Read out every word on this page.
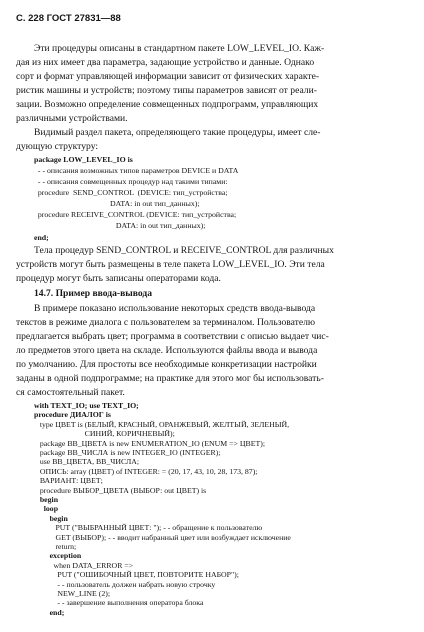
С. 228 ГОСТ 27831—88
Эти процедуры описаны в стандартном пакете LOW_LEVEL_IO. Каж-
дая из них имеет два параметра, задающие устройство и данные. Однако
сорт и формат управляющей информации зависит от физических характе-
ристик машины и устройств; поэтому типы параметров зависят от реали-
зации. Возможно определение совмещенных подпрограмм, управляющих
различными устройствами.
Видимый раздел пакета, определяющего такие процедуры, имеет сле-
дующую структуру:
package LOW_LEVEL_IO is
- - описания возможных типов параметров DEVICE и DATA
- - описания совмещенных процедур над такими типами:
procedure  SEND_CONTROL  (DEVICE: тип_устройства;
DATA: in out тип_данных);
procedure RECEIVE_CONTROL (DEVICE: тип_устройства;
DATA: in out тип_данных);
end;
Тела процедур SEND_CONTROL и RECEIVE_CONTROL для различных
устройств могут быть размещены в теле пакета LOW_LEVEL_IO. Эти тела
процедур могут быть записаны операторами кода.
14.7. Пример ввода-вывода
В примере показано использование некоторых средств ввода-вывода
текстов в режиме диалога с пользователем за терминалом. Пользователю
предлагается выбрать цвет; программа в соответствии с описью выдает чис-
ло предметов этого цвета на складе. Используются файлы ввода и вывода
по умолчанию. Для простоты все необходимые конкретизации настройки
заданы в одной подпрограмме; на практике для этого мог бы использовать-
ся самостоятельный пакет.
with TEXT_IO; use TEXT_IO;
procedure ДИАЛОГ is
type ЦВЕТ is (БЕЛЫЙ, КРАСНЫЙ, ОРАНЖЕВЫЙ, ЖЕЛТЫЙ, ЗЕЛЕНЫЙ,
СИНИЙ, КОРИЧНЕВЫЙ);
package BB_ЦВЕТА is new ENUMERATION_IO (ENUM => ЦВЕТ);
package BB_ЧИСЛА is new INTEGER_IO (INTEGER);
use BB_ЦВЕТА, BB_ЧИСЛА;
ОПИСЬ: array (ЦВЕТ) of INTEGER: = (20, 17, 43, 10, 28, 173, 87);
ВАРИАНТ: ЦВЕТ;
procedure ВЫБОР_ЦВЕТА (ВЫБОР: out ЦВЕТ) is
begin
loop
begin
PUT ("ВЫБРАННЫЙ ЦВЕТ: "); - - обращение к пользователю
GET (ВЫБОР); - - вводит набранный цвет или возбуждает исключение
return;
exception
when DATA_ERROR =>
PUT ("ОШИБОЧНЫЙ ЦВЕТ, ПОВТОРИТЕ НАБОР");
- - пользователь должен набрать новую строчку
NEW_LINE (2);
- - завершение выполнения оператора блока
end;
